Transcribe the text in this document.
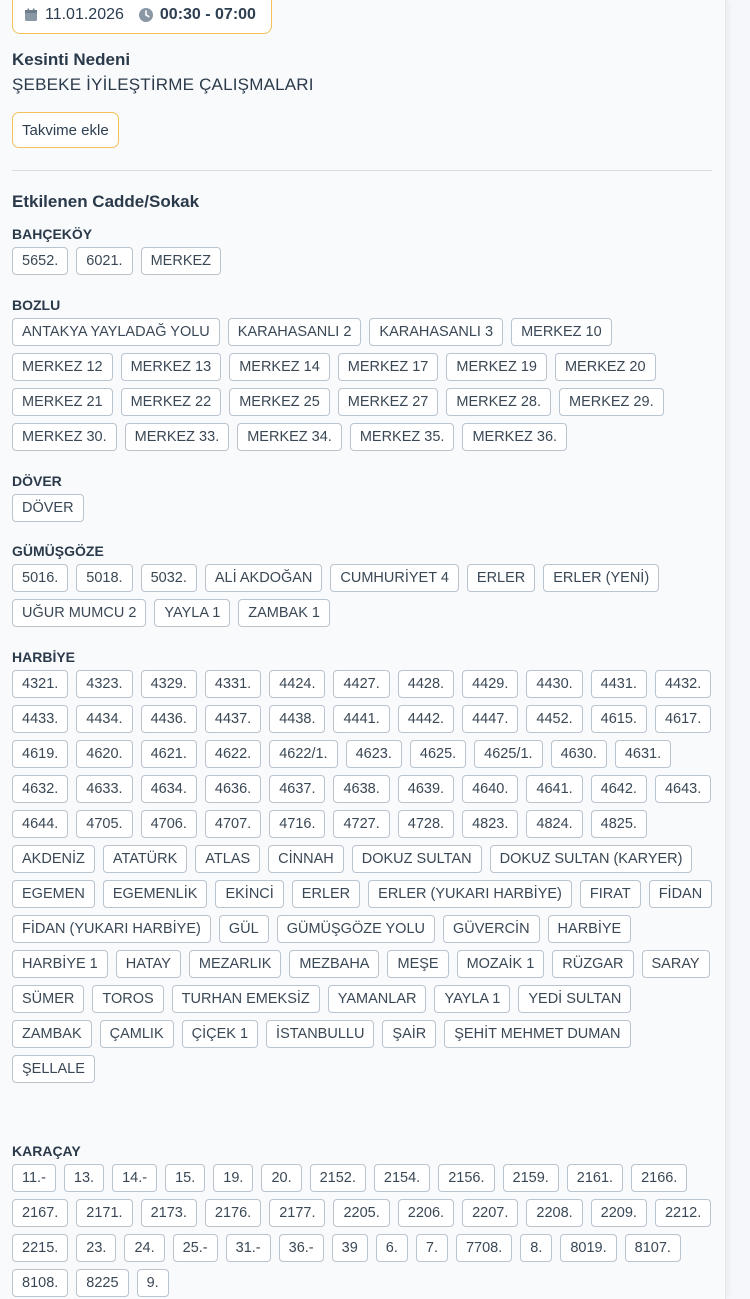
11.01.2026 00:30 - 07:00
Kesinti Nedeni
ŞEBEKE İYİLEŞTİRME ÇALIŞMALARI
Takvime ekle
Etkilenen Cadde/Sokak
BAHÇEKÖY
5652.	6021.	MERKEZ
BOZLU
ANTAKYA YAYLADAĞ YOLU	KARAHASANLI 2	KARAHASANLI 3	MERKEZ 10
MERKEZ 12	MERKEZ 13	MERKEZ 14	MERKEZ 17	MERKEZ 19	MERKEZ 20
MERKEZ 21	MERKEZ 22	MERKEZ 25	MERKEZ 27	MERKEZ 28.	MERKEZ 29.
MERKEZ 30.	MERKEZ 33.	MERKEZ 34.	MERKEZ 35.	MERKEZ 36.
DÖVER
DÖVER
GÜMÜŞGÖZE
5016.	5018.	5032.	ALİ AKDOĞAN	CUMHURİYET 4	ERLER	ERLER (YENİ)
UĞUR MUMCU 2	YAYLA 1	ZAMBAK 1
HARBİYE
4321.	4323.	4329.	4331.	4424.	4427.	4428.	4429.	4430.	4431.	4432.
4433.	4434.	4436.	4437.	4438.	4441.	4442.	4447.	4452.	4615.	4617.
4619.	4620.	4621.	4622.	4622/1.	4623.	4625.	4625/1.	4630.	4631.
4632.	4633.	4634.	4636.	4637.	4638.	4639.	4640.	4641.	4642.	4643.
4644.	4705.	4706.	4707.	4716.	4727.	4728.	4823.	4824.	4825.
AKDENİZ	ATATÜRK	ATLAS	CİNNAH	DOKUZ SULTAN	DOKUZ SULTAN (KARYER)
EGEMEN	EGEMENLİK	EKİNCİ	ERLER	ERLER (YUKARI HARBİYE)	FIRAT	FİDAN
FİDAN (YUKARI HARBİYE)	GÜL	GÜMÜŞGÖZE YOLU	GÜVERCİN	HARBİYE
HARBİYE 1	HATAY	MEZARLIK	MEZBAHA	MEŞE	MOZAİK 1	RÜZGAR	SARAY
SÜMER	TOROS	TURHAN EMEKSİZ	YAMANLAR	YAYLA 1	YEDİ SULTAN
ZAMBAK	ÇAMLIK	ÇİÇEK 1	İSTANBULLU	ŞAİR	ŞEHİT MEHMET DUMAN
ŞELLALE
KARAÇAY
11.-	13.	14.-	15.	19.	20.	2152.	2154.	2156.	2159.	2161.	2166.
2167.	2171.	2173.	2176.	2177.	2205.	2206.	2207.	2208.	2209.	2212.
2215.	23.	24.	25.-	31.-	36.-	39	6.	7.	7708.	8.	8019.	8107.
8108.	8225	9.
